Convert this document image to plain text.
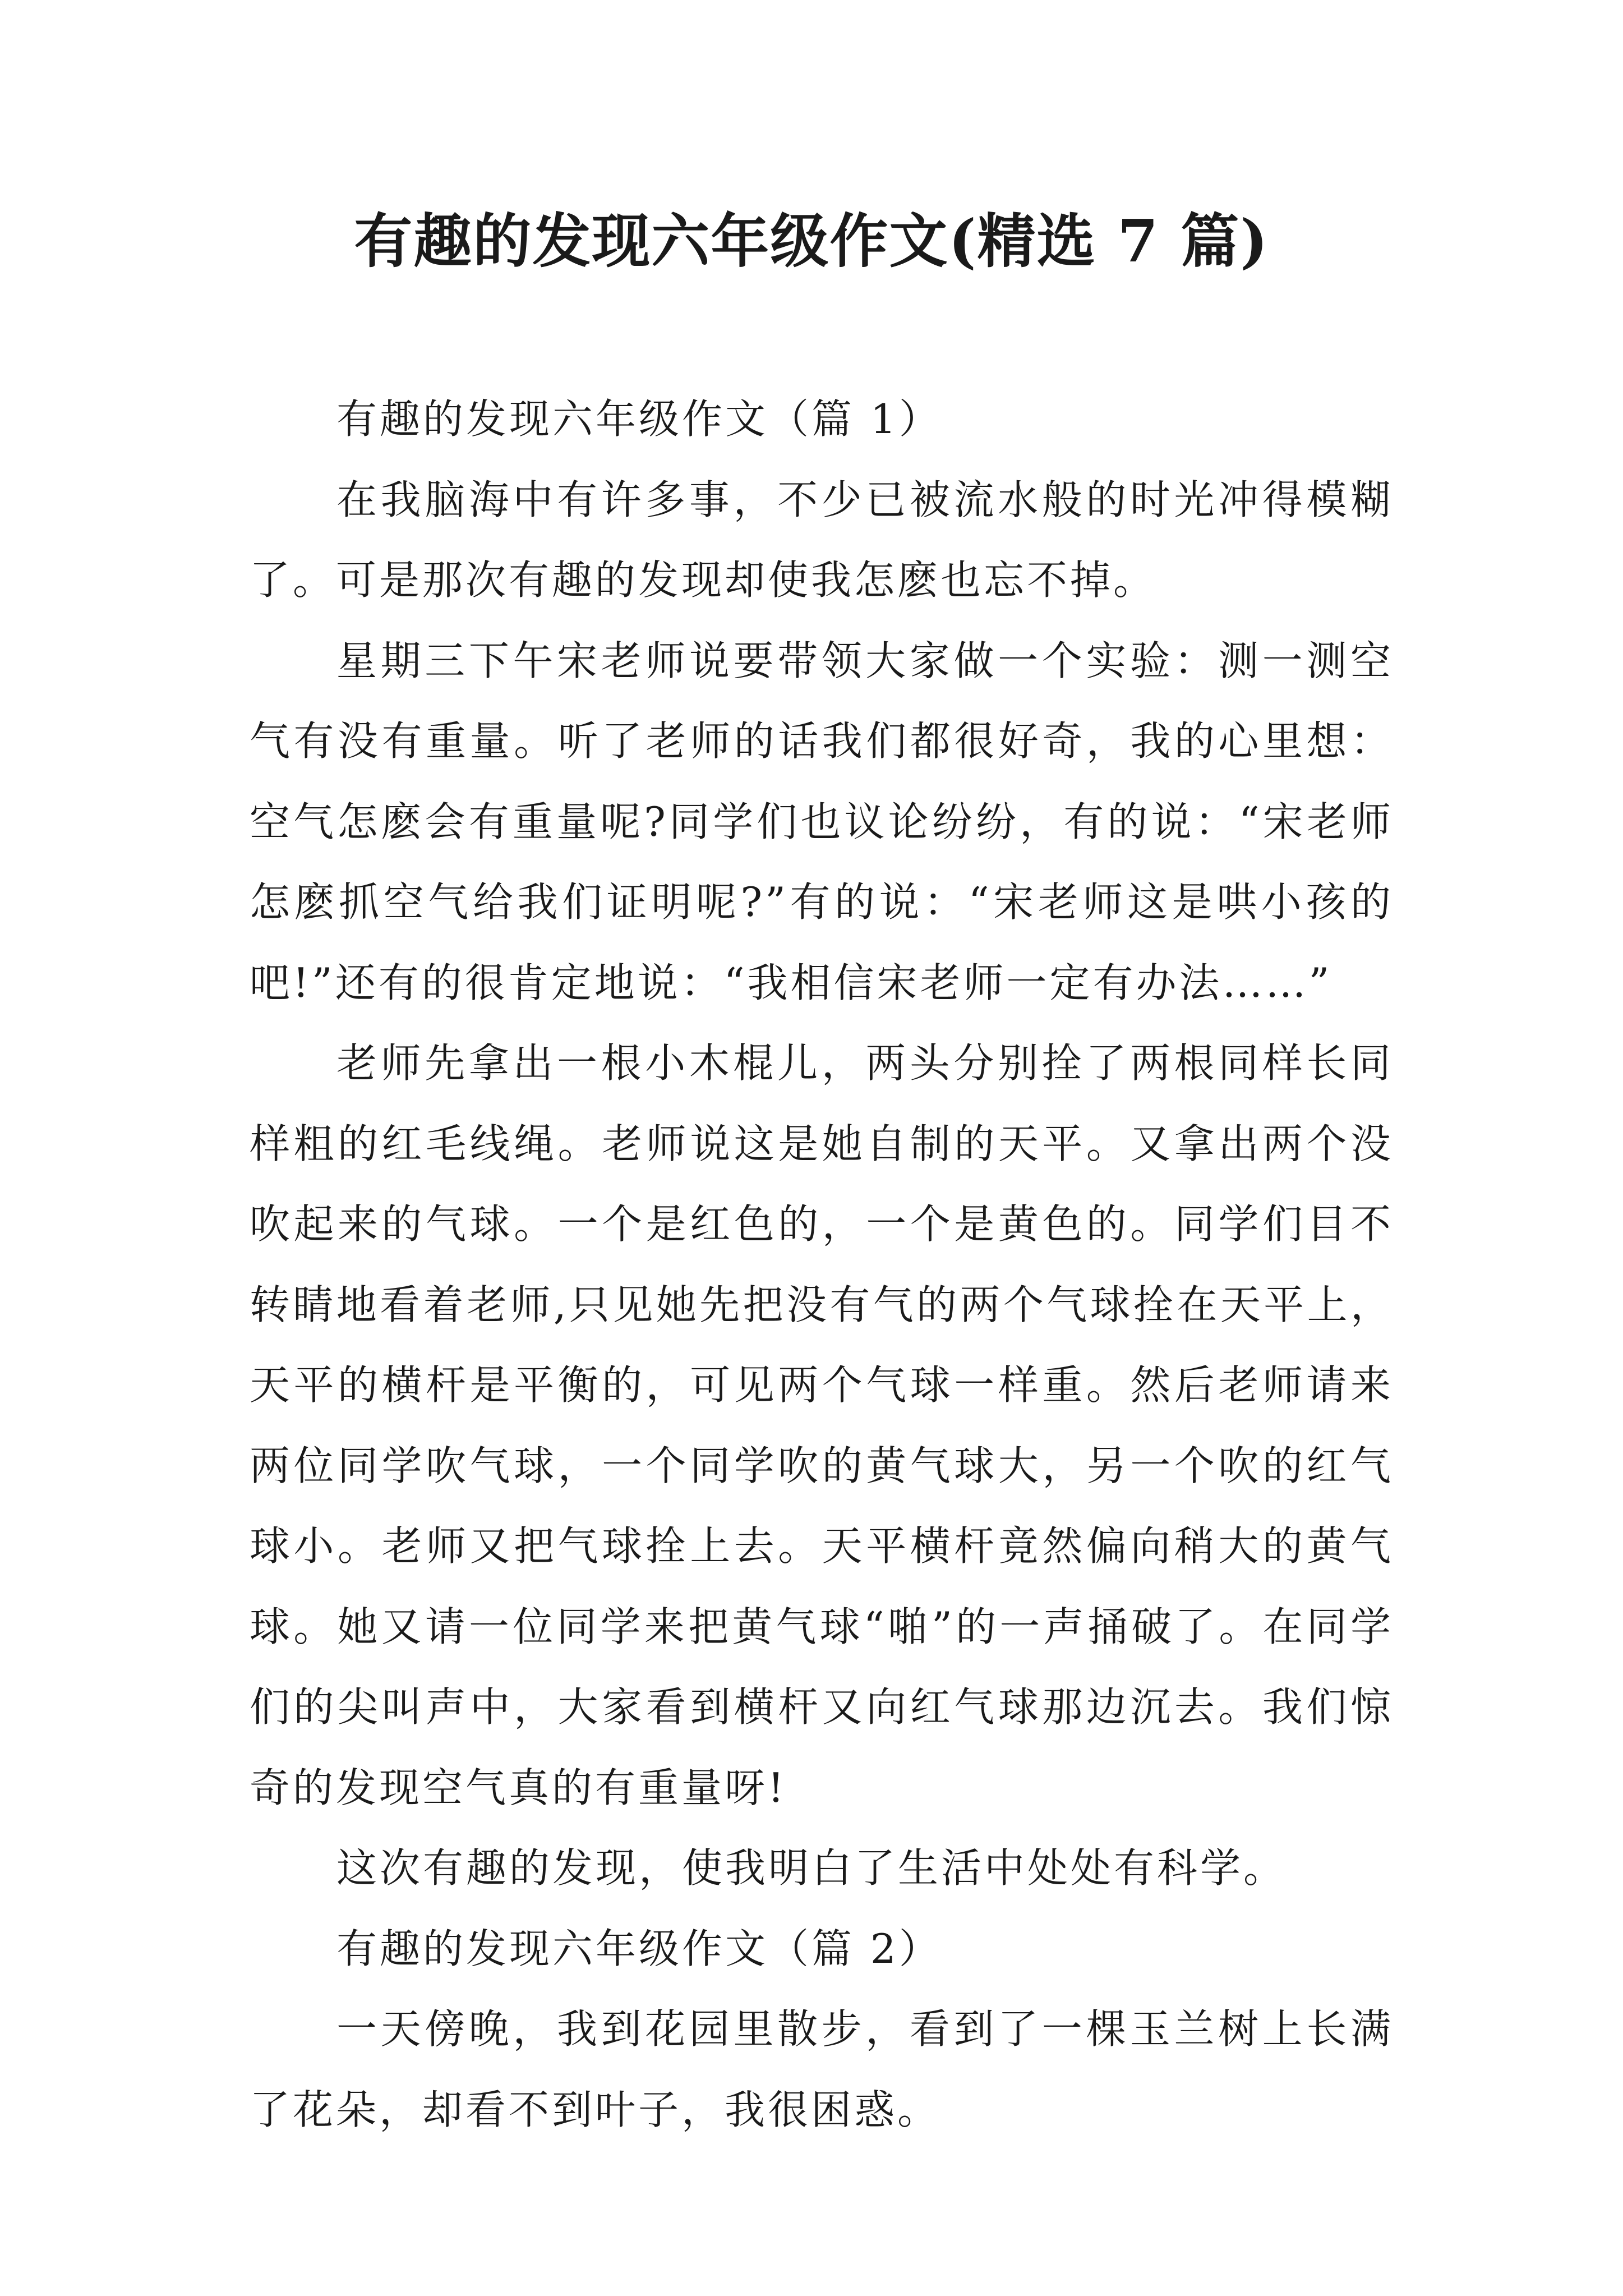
有趣的发现六年级作文(精选 7 篇)

有趣的发现六年级作文（篇 1）

在我脑海中有许多事，不少已被流水般的时光冲得模糊了。可是那次有趣的发现却使我怎麽也忘不掉。

星期三下午宋老师说要带领大家做一个实验：测一测空气有没有重量。听了老师的话我们都很好奇，我的心里想：空气怎麽会有重量呢?同学们也议论纷纷，有的说：“宋老师怎麽抓空气给我们证明呢?”有的说：“宋老师这是哄小孩的吧!”还有的很肯定地说：“我相信宋老师一定有办法……”

老师先拿出一根小木棍儿，两头分别拴了两根同样长同样粗的红毛线绳。老师说这是她自制的天平。又拿出两个没吹起来的气球。一个是红色的，一个是黄色的。同学们目不转睛地看着老师,只见她先把没有气的两个气球拴在天平上，天平的横杆是平衡的，可见两个气球一样重。然后老师请来两位同学吹气球，一个同学吹的黄气球大，另一个吹的红气球小。老师又把气球拴上去。天平横杆竟然偏向稍大的黄气球。她又请一位同学来把黄气球“啪”的一声捅破了。在同学们的尖叫声中，大家看到横杆又向红气球那边沉去。我们惊奇的发现空气真的有重量呀!

这次有趣的发现，使我明白了生活中处处有科学。

有趣的发现六年级作文（篇 2）

一天傍晚，我到花园里散步，看到了一棵玉兰树上长满了花朵，却看不到叶子，我很困惑。
